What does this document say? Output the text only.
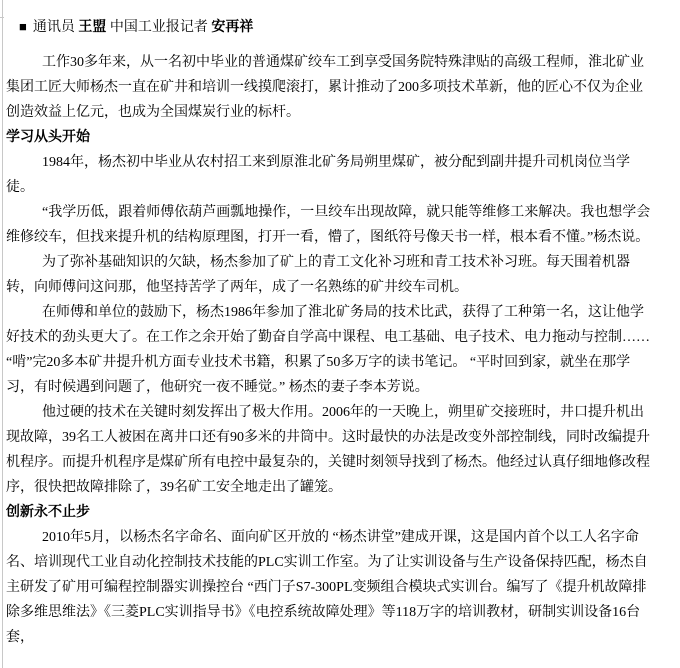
■ 通讯员 王盟 中国工业报记者 安再祥
工作30多年来，从一名初中毕业的普通煤矿绞车工到享受国务院特殊津贴的高级工程师，淮北矿业集团工匠大师杨杰一直在矿井和培训一线摸爬滚打，累计推动了200多项技术革新，他的匠心不仅为企业创造效益上亿元，也成为全国煤炭行业的标杆。
学习从头开始
1984年，杨杰初中毕业从农村招工来到原淮北矿务局朔里煤矿，被分配到副井提升司机岗位当学徒。
“我学历低，跟着师傅依葫芦画瓢地操作，一旦绞车出现故障，就只能等维修工来解决。我也想学会维修绞车，但找来提升机的结构原理图，打开一看，懵了，图纸符号像天书一样，根本看不懂。”杨杰说。
为了弥补基础知识的欠缺，杨杰参加了矿上的青工文化补习班和青工技术补习班。每天围着机器转，向师傅问这问那，他坚持苦学了两年，成了一名熟练的矿井绞车司机。
在师傅和单位的鼓励下，杨杰1986年参加了淮北矿务局的技术比武，获得了工种第一名，这让他学好技术的劲头更大了。在工作之余开始了勤奋自学高中课程、电工基础、电子技术、电力拖动与控制…… “啃”完20多本矿井提升机方面专业技术书籍，积累了50多万字的读书笔记。 “平时回到家，就坐在那学习，有时候遇到问题了，他研究一夜不睡觉。” 杨杰的妻子李本芳说。
他过硬的技术在关键时刻发挥出了极大作用。2006年的一天晚上，朔里矿交接班时，井口提升机出现故障，39名工人被困在离井口还有90多米的井筒中。这时最快的办法是改变外部控制线，同时改编提升机程序。而提升机程序是煤矿所有电控中最复杂的，关键时刻领导找到了杨杰。他经过认真仔细地修改程序，很快把故障排除了，39名矿工安全地走出了罐笼。
创新永不止步
2010年5月，以杨杰名字命名、面向矿区开放的 “杨杰讲堂”建成开课，这是国内首个以工人名字命名、培训现代工业自动化控制技术技能的PLC实训工作室。为了让实训设备与生产设备保持匹配，杨杰自主研发了矿用可编程控制器实训操控台 “西门子S7-300PL变频组合模块式实训台。编写了《提升机故障排除多维思维法》《三菱PLC实训指导书》《电控系统故障处理》等118万字的培训教材，研制实训设备16台套，
